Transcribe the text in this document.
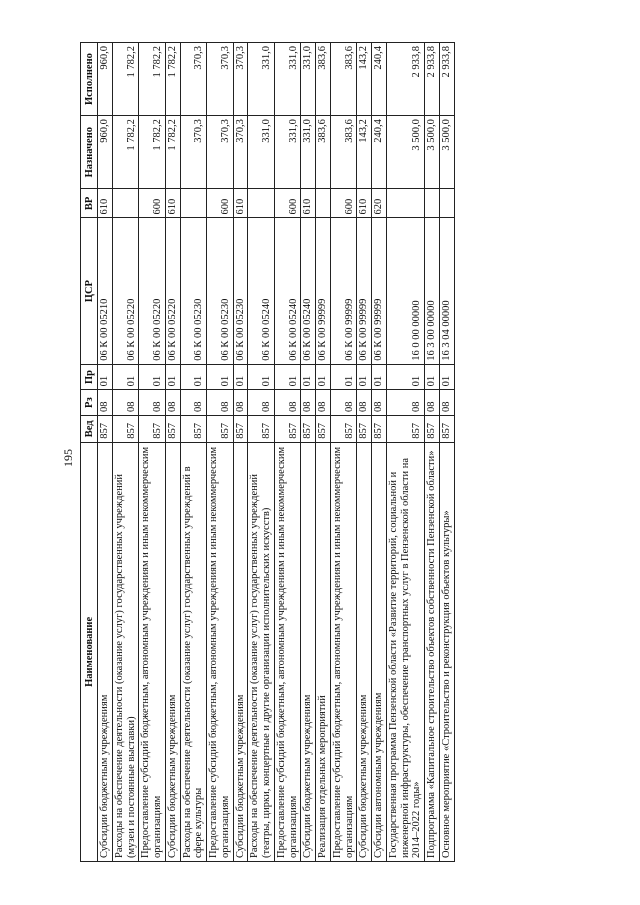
195
Наименование	Вед	Рз	Пр	ЦСР	ВР	Назначено	Исполнено
Субсидии бюджетным учреждениям	857	08	01	06 К 00 05210	610	960,0	960,0
Расходы на обеспечение деятельности (оказание услуг) государственных учреждений (музеи и постоянные выставки)	857	08	01	06 К 00 05220		1 782,2	1 782,2
Предоставление субсидий бюджетным, автономным учреждениям и иным некоммерческим организациям	857	08	01	06 К 00 05220	600	1 782,2	1 782,2
Субсидии бюджетным учреждениям	857	08	01	06 К 00 05220	610	1 782,2	1 782,2
Расходы на обеспечение деятельности (оказание услуг) государственных учреждений в сфере культуры	857	08	01	06 К 00 05230		370,3	370,3
Предоставление субсидий бюджетным, автономным учреждениям и иным некоммерческим организациям	857	08	01	06 К 00 05230	600	370,3	370,3
Субсидии бюджетным учреждениям	857	08	01	06 К 00 05230	610	370,3	370,3
Расходы на обеспечение деятельности (оказание услуг) государственных учреждений (театры, цирки, концертные и другие организации исполнительских искусств)	857	08	01	06 К 00 05240		331,0	331,0
Предоставление субсидий бюджетным, автономным учреждениям и иным некоммерческим организациям	857	08	01	06 К 00 05240	600	331,0	331,0
Субсидии бюджетным учреждениям	857	08	01	06 К 00 05240	610	331,0	331,0
Реализация отдельных мероприятий	857	08	01	06 К 00 99999		383,6	383,6
Предоставление субсидий бюджетным, автономным учреждениям и иным некоммерческим организациям	857	08	01	06 К 00 99999	600	383,6	383,6
Субсидии бюджетным учреждениям	857	08	01	06 К 00 99999	610	143,2	143,2
Субсидии автономным учреждениям	857	08	01	06 К 00 99999	620	240,4	240,4
Государственная программа Пензенской области «Развитие территорий, социальной и инженерной инфраструктуры, обеспечение транспортных услуг в Пензенской области на 2014–2022 годы»	857	08	01	16 0 00 00000		3 500,0	2 933,8
Подпрограмма «Капитальное строительство объектов собственности Пензенской области»	857	08	01	16 3 00 00000		3 500,0	2 933,8
Основное мероприятие «Строительство и реконструкция объектов культуры»	857	08	01	16 3 04 00000		3 500,0	2 933,8
